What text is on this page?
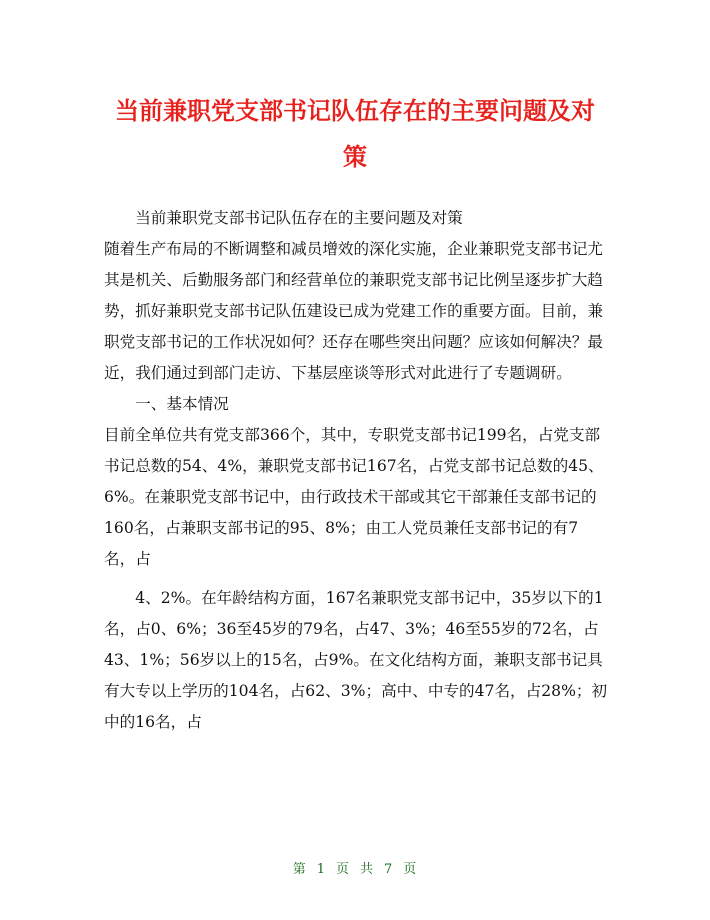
当前兼职党支部书记队伍存在的主要问题及对
策

当前兼职党支部书记队伍存在的主要问题及对策

随着生产布局的不断调整和减员增效的深化实施，企业兼职党支部书记尤其是机关、后勤服务部门和经营单位的兼职党支部书记比例呈逐步扩大趋势，抓好兼职党支部书记队伍建设已成为党建工作的重要方面。目前，兼职党支部书记的工作状况如何？还存在哪些突出问题？应该如何解决？最近，我们通过到部门走访、下基层座谈等形式对此进行了专题调研。

一、基本情况

目前全单位共有党支部366个，其中，专职党支部书记199名，占党支部书记总数的54、4%，兼职党支部书记167名，占党支部书记总数的45、6%。在兼职党支部书记中，由行政技术干部或其它干部兼任支部书记的160名，占兼职支部书记的95、8%；由工人党员兼任支部书记的有7名，占

4、2%。在年龄结构方面，167名兼职党支部书记中，35岁以下的1名，占0、6%；36至45岁的79名，占47、3%；46至55岁的72名，占43、1%；56岁以上的15名，占9%。在文化结构方面，兼职支部书记具有大专以上学历的104名，占62、3%；高中、中专的47名，占28%；初中的16名，占

第 1 页 共 7 页
